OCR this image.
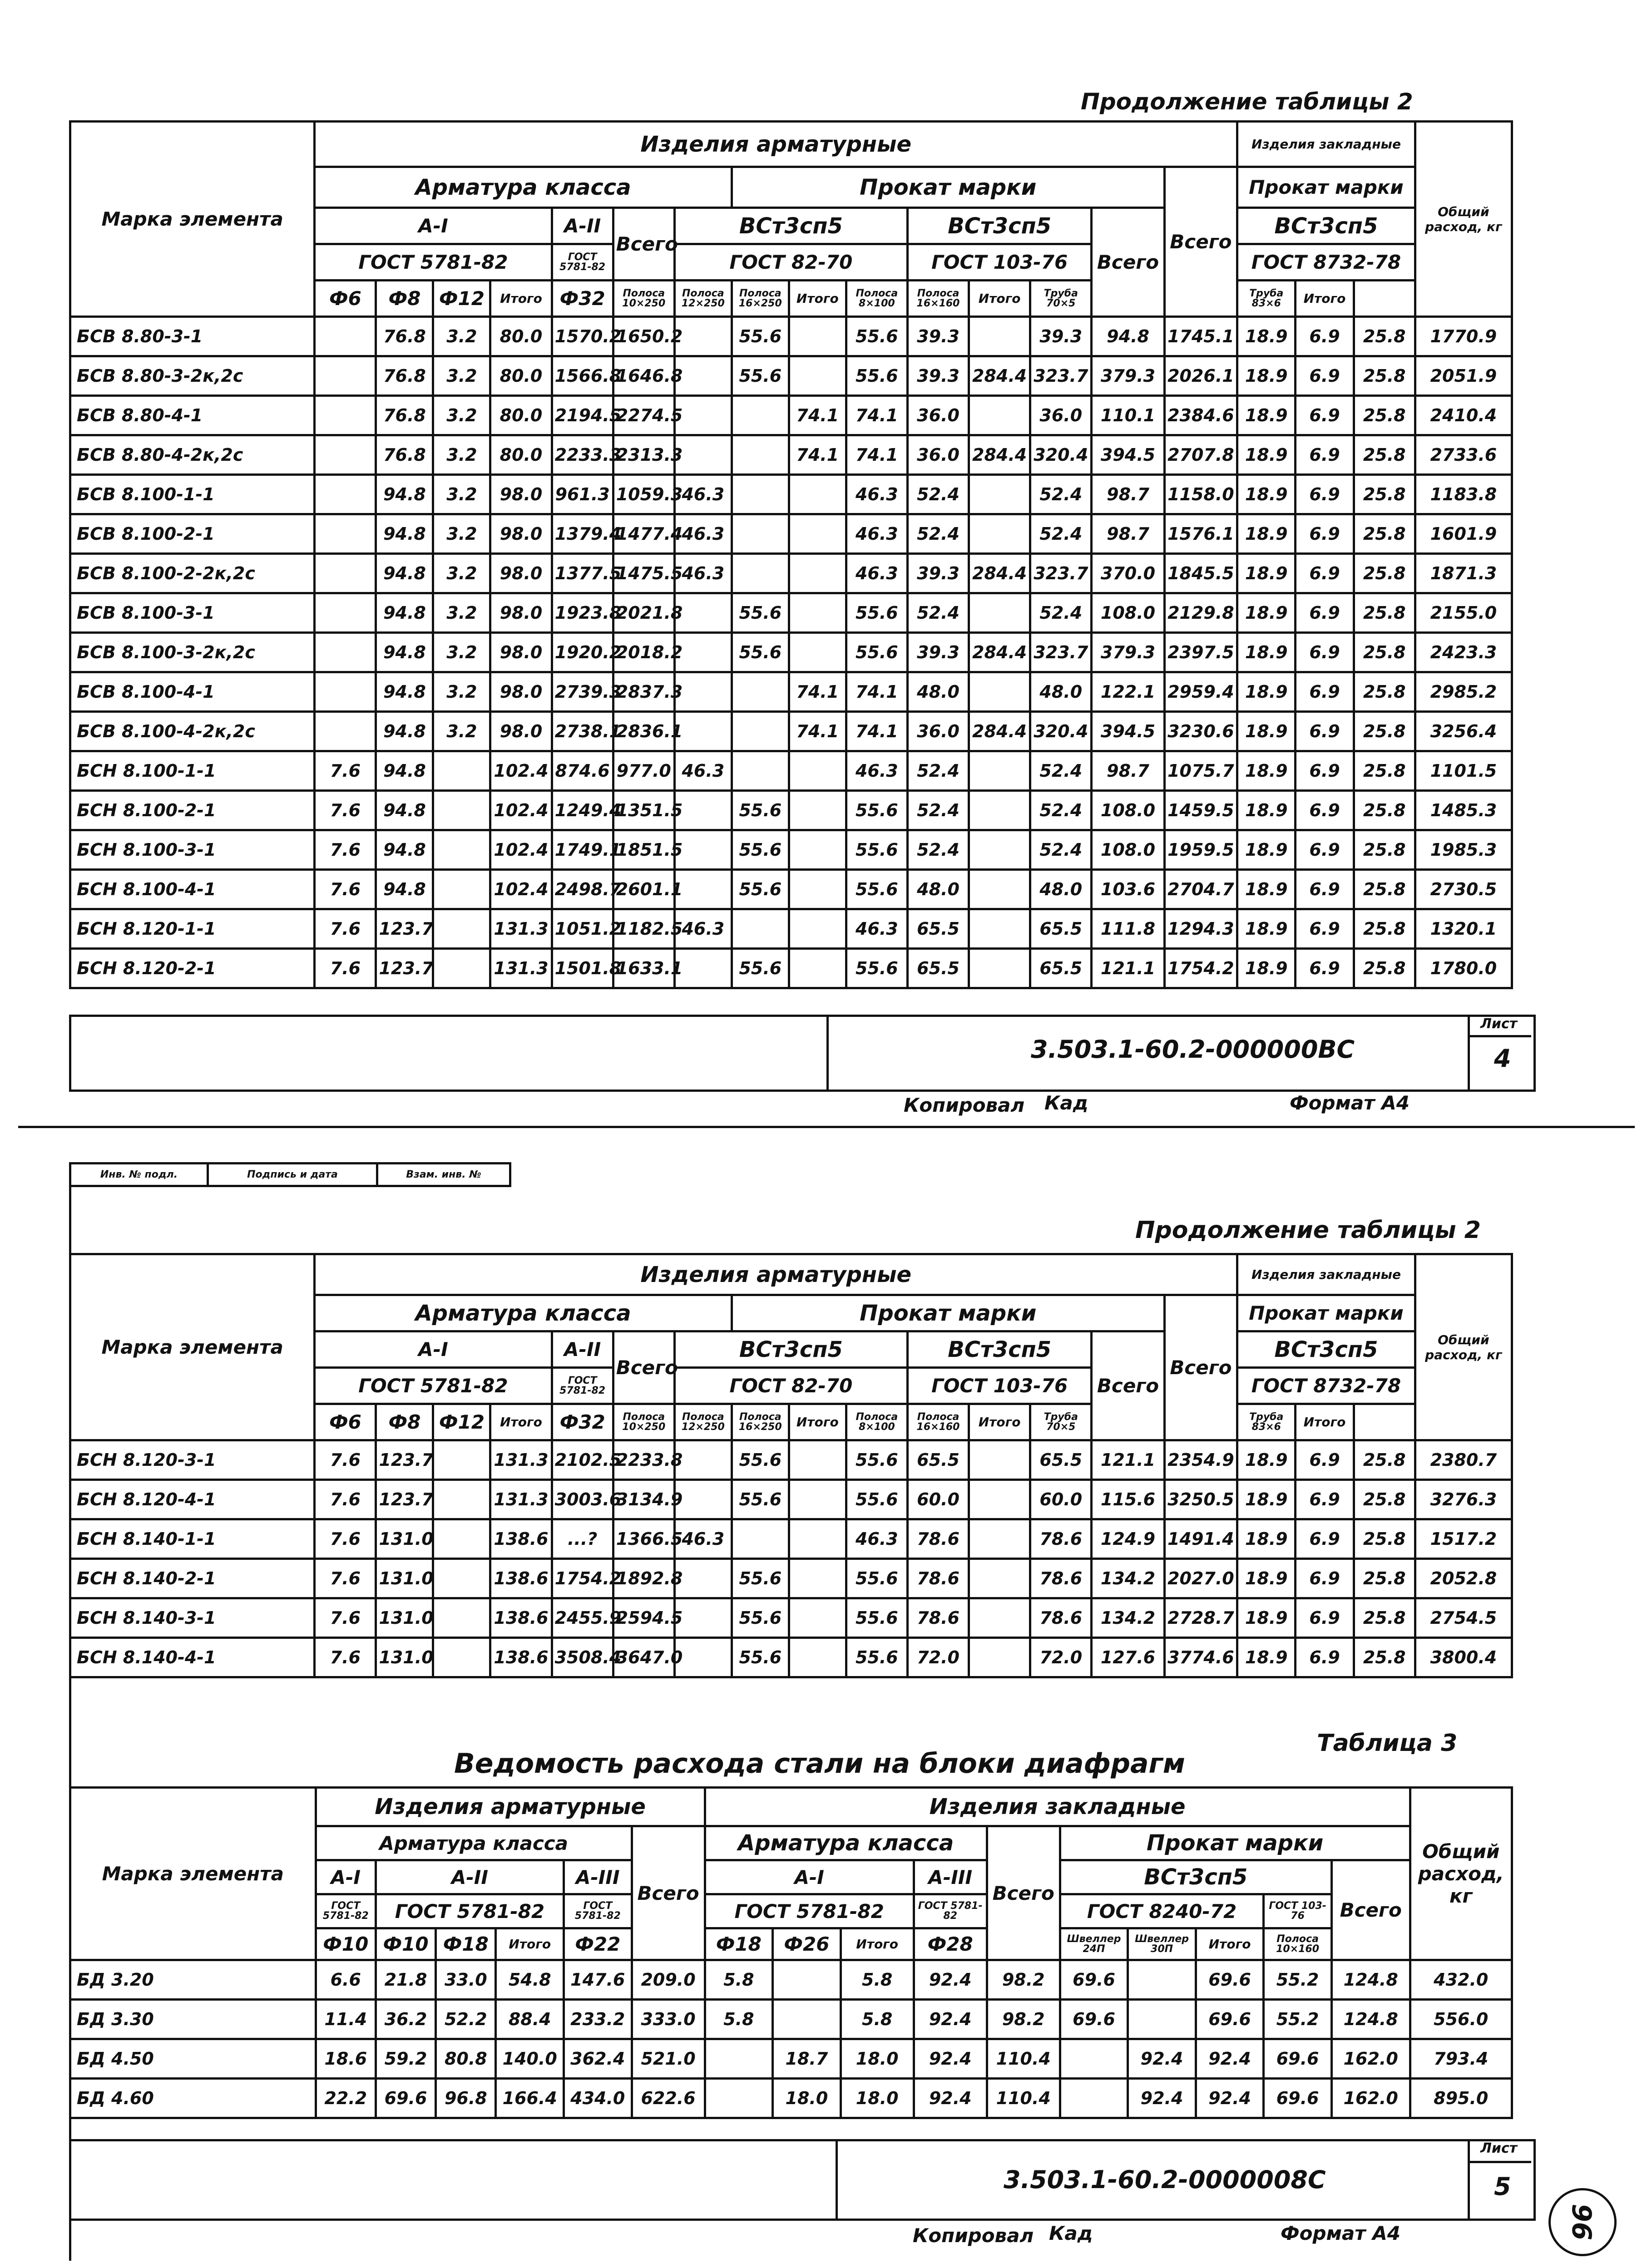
Продолжение таблицы 2
Марка элемента	Изделия арматурные															Изделия закладные			Общий расход, кг
	Арматура класса							Прокат марки							Всего	Прокат марки			
	А-I				А-II	Всего	ВСт3сп5				ВСт3сп5			Всего		ВСт3сп5			
	ГОСТ 5781-82				ГОСТ 5781-82		ГОСТ 82-70				ГОСТ 103-76					ГОСТ 8732-78			
	Ф6	Ф8	Ф12	Итого	Ф32	Полоса 10×250	Полоса 12×250	Полоса 16×250	Итого	Полоса 8×100	Полоса 16×160	Итого	Труба 70×5			Труба 83×6	Итого		
БСВ 8.80-3-1		76.8	3.2	80.0	1570.2	1650.2		55.6		55.6	39.3		39.3	94.8	1745.1	18.9	6.9	25.8	1770.9
БСВ 8.80-3-2к,2с		76.8	3.2	80.0	1566.8	1646.8		55.6		55.6	39.3	284.4	323.7	379.3	2026.1	18.9	6.9	25.8	2051.9
БСВ 8.80-4-1		76.8	3.2	80.0	2194.5	2274.5			74.1	74.1	36.0		36.0	110.1	2384.6	18.9	6.9	25.8	2410.4
БСВ 8.80-4-2к,2с		76.8	3.2	80.0	2233.3	2313.3			74.1	74.1	36.0	284.4	320.4	394.5	2707.8	18.9	6.9	25.8	2733.6
БСВ 8.100-1-1		94.8	3.2	98.0	961.3	1059.3	46.3			46.3	52.4		52.4	98.7	1158.0	18.9	6.9	25.8	1183.8
БСВ 8.100-2-1		94.8	3.2	98.0	1379.4	1477.4	46.3			46.3	52.4		52.4	98.7	1576.1	18.9	6.9	25.8	1601.9
БСВ 8.100-2-2к,2с		94.8	3.2	98.0	1377.5	1475.5	46.3			46.3	39.3	284.4	323.7	370.0	1845.5	18.9	6.9	25.8	1871.3
БСВ 8.100-3-1		94.8	3.2	98.0	1923.8	2021.8		55.6		55.6	52.4		52.4	108.0	2129.8	18.9	6.9	25.8	2155.0
БСВ 8.100-3-2к,2с		94.8	3.2	98.0	1920.2	2018.2		55.6		55.6	39.3	284.4	323.7	379.3	2397.5	18.9	6.9	25.8	2423.3
БСВ 8.100-4-1		94.8	3.2	98.0	2739.3	2837.3			74.1	74.1	48.0		48.0	122.1	2959.4	18.9	6.9	25.8	2985.2
БСВ 8.100-4-2к,2с		94.8	3.2	98.0	2738.1	2836.1			74.1	74.1	36.0	284.4	320.4	394.5	3230.6	18.9	6.9	25.8	3256.4
БСН 8.100-1-1	7.6	94.8		102.4	874.6	977.0	46.3			46.3	52.4		52.4	98.7	1075.7	18.9	6.9	25.8	1101.5
БСН 8.100-2-1	7.6	94.8		102.4	1249.4	1351.5		55.6		55.6	52.4		52.4	108.0	1459.5	18.9	6.9	25.8	1485.3
БСН 8.100-3-1	7.6	94.8		102.4	1749.1	1851.5		55.6		55.6	52.4		52.4	108.0	1959.5	18.9	6.9	25.8	1985.3
БСН 8.100-4-1	7.6	94.8		102.4	2498.7	2601.1		55.6		55.6	48.0		48.0	103.6	2704.7	18.9	6.9	25.8	2730.5
БСН 8.120-1-1	7.6	123.7		131.3	1051.2	1182.5	46.3			46.3	65.5		65.5	111.8	1294.3	18.9	6.9	25.8	1320.1
БСН 8.120-2-1	7.6	123.7		131.3	1501.8	1633.1		55.6		55.6	65.5		65.5	121.1	1754.2	18.9	6.9	25.8	1780.0
3.503.1-60.2-000000ВС
Лист
4
Копировал Кад	Формат А4
Инв. № подл.	Подпись и дата	Взам. инв. №
Продолжение таблицы 2
Марка элемента	Изделия арматурные															Изделия закладные			Общий расход, кг
	Арматура класса							Прокат марки							Всего	Прокат марки			
	А-I				А-II	Всего	ВСт3сп5				ВСт3сп5			Всего		ВСт3сп5			
	ГОСТ 5781-82				ГОСТ 5781-82		ГОСТ 82-70				ГОСТ 103-76					ГОСТ 8732-78			
	Ф6	Ф8	Ф12	Итого	Ф32	Полоса 10×250	Полоса 12×250	Полоса 16×250	Итого	Полоса 8×100	Полоса 16×160	Итого	Труба 70×5			Труба 83×6	Итого		
БСН 8.120-3-1	7.6	123.7		131.3	2102.5	2233.8		55.6		55.6	65.5		65.5	121.1	2354.9	18.9	6.9	25.8	2380.7
БСН 8.120-4-1	7.6	123.7		131.3	3003.6	3134.9		55.6		55.6	60.0		60.0	115.6	3250.5	18.9	6.9	25.8	3276.3
БСН 8.140-1-1	7.6	131.0		138.6	...?	1366.5	46.3			46.3	78.6		78.6	124.9	1491.4	18.9	6.9	25.8	1517.2
БСН 8.140-2-1	7.6	131.0		138.6	1754.2	1892.8		55.6		55.6	78.6		78.6	134.2	2027.0	18.9	6.9	25.8	2052.8
БСН 8.140-3-1	7.6	131.0		138.6	2455.9	2594.5		55.6		55.6	78.6		78.6	134.2	2728.7	18.9	6.9	25.8	2754.5
БСН 8.140-4-1	7.6	131.0		138.6	3508.4	3647.0		55.6		55.6	72.0		72.0	127.6	3774.6	18.9	6.9	25.8	3800.4
Таблица 3
Ведомость расхода стали на блоки диафрагм
Марка элемента	Изделия арматурные						Изделия закладные										Общий расход, кг
	Арматура класса					Всего	Арматура класса				Всего	Прокат марки					
	А-I	А-II			А-III		А-I			А-III		ВСт3сп5				Всего	
	ГОСТ 5781-82	ГОСТ 5781-82			ГОСТ 5781-82		ГОСТ 5781-82			ГОСТ 5781-82		ГОСТ 8240-72			ГОСТ 103-76		
	Ф10	Ф10	Ф18	Итого	Ф22		Ф18	Ф26	Итого	Ф28		Швеллер 24П	Швеллер 30П	Итого	Полоса 10×160		
БД 3.20	6.6	21.8	33.0	54.8	147.6	209.0	5.8		5.8	92.4	98.2	69.6		69.6	55.2	124.8	432.0
БД 3.30	11.4	36.2	52.2	88.4	233.2	333.0	5.8		5.8	92.4	98.2	69.6		69.6	55.2	124.8	556.0
БД 4.50	18.6	59.2	80.8	140.0	362.4	521.0		18.7	18.0	92.4	110.4		92.4	92.4	69.6	162.0	793.4
БД 4.60	22.2	69.6	96.8	166.4	434.0	622.6		18.0	18.0	92.4	110.4		92.4	92.4	69.6	162.0	895.0
3.503.1-60.2-0000008С
Лист
5
Копировал Кад	Формат А4	96
